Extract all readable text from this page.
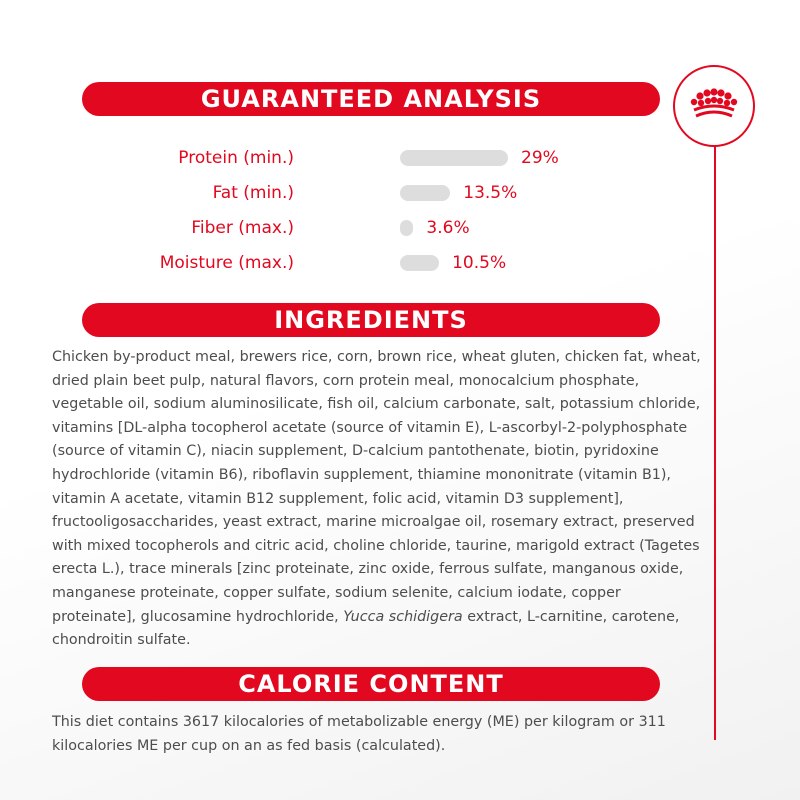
GUARANTEED ANALYSIS
Protein (min.)	29%
Fat (min.)	13.5%
Fiber (max.)	3.6%
Moisture (max.)	10.5%
INGREDIENTS

Chicken by-product meal, brewers rice, corn, brown rice, wheat gluten, chicken fat, wheat, dried plain beet pulp, natural flavors, corn protein meal, monocalcium phosphate, vegetable oil, sodium aluminosilicate, fish oil, calcium carbonate, salt, potassium chloride, vitamins [DL-alpha tocopherol acetate (source of vitamin E), L-ascorbyl-2-polyphosphate (source of vitamin C), niacin supplement, D-calcium pantothenate, biotin, pyridoxine hydrochloride (vitamin B6), riboflavin supplement, thiamine mononitrate (vitamin B1), vitamin A acetate, vitamin B12 supplement, folic acid, vitamin D3 supplement], fructooligosaccharides, yeast extract, marine microalgae oil, rosemary extract, preserved with mixed tocopherols and citric acid, choline chloride, taurine, marigold extract (Tagetes erecta L.), trace minerals [zinc proteinate, zinc oxide, ferrous sulfate, manganous oxide, manganese proteinate, copper sulfate, sodium selenite, calcium iodate, copper proteinate], glucosamine hydrochloride, Yucca schidigera extract, L-carnitine, carotene, chondroitin sulfate.

CALORIE CONTENT

This diet contains 3617 kilocalories of metabolizable energy (ME) per kilogram or 311 kilocalories ME per cup on an as fed basis (calculated).
